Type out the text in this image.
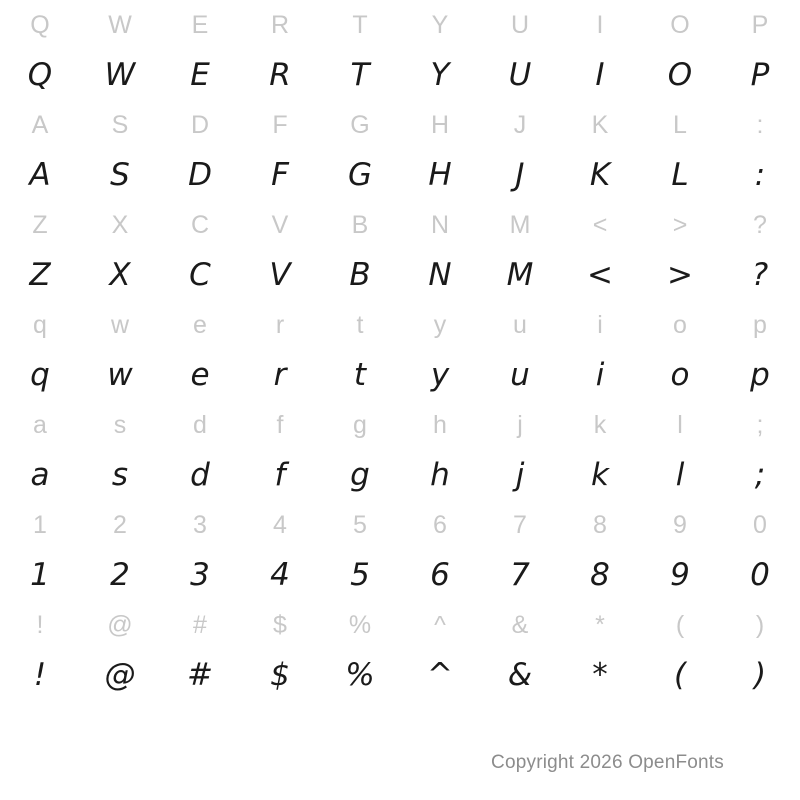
Q W E	R	T	Y	U	I	O P
Q W E R T Y U I O P
A	S	D	F	G H	J	K	L	:
A S D F G H J K L :
Z	X	C	V	B	N M <	>	?
Z X C V B N M < > ?
q	w	e	r	t	y	u	i	o	p
q w e r t y u i o p
a	s	d	f	g	h	j	k	l	;
a s d f g h j k l ;
1	2	3	4	5	6	7	8	9	0
1 2 3 4 5 6 7 8 9 0
!	@ #	$ %	^	&	*	(	)
! @ # $ % ^ & * ( )
Copyright 2026 OpenFonts
